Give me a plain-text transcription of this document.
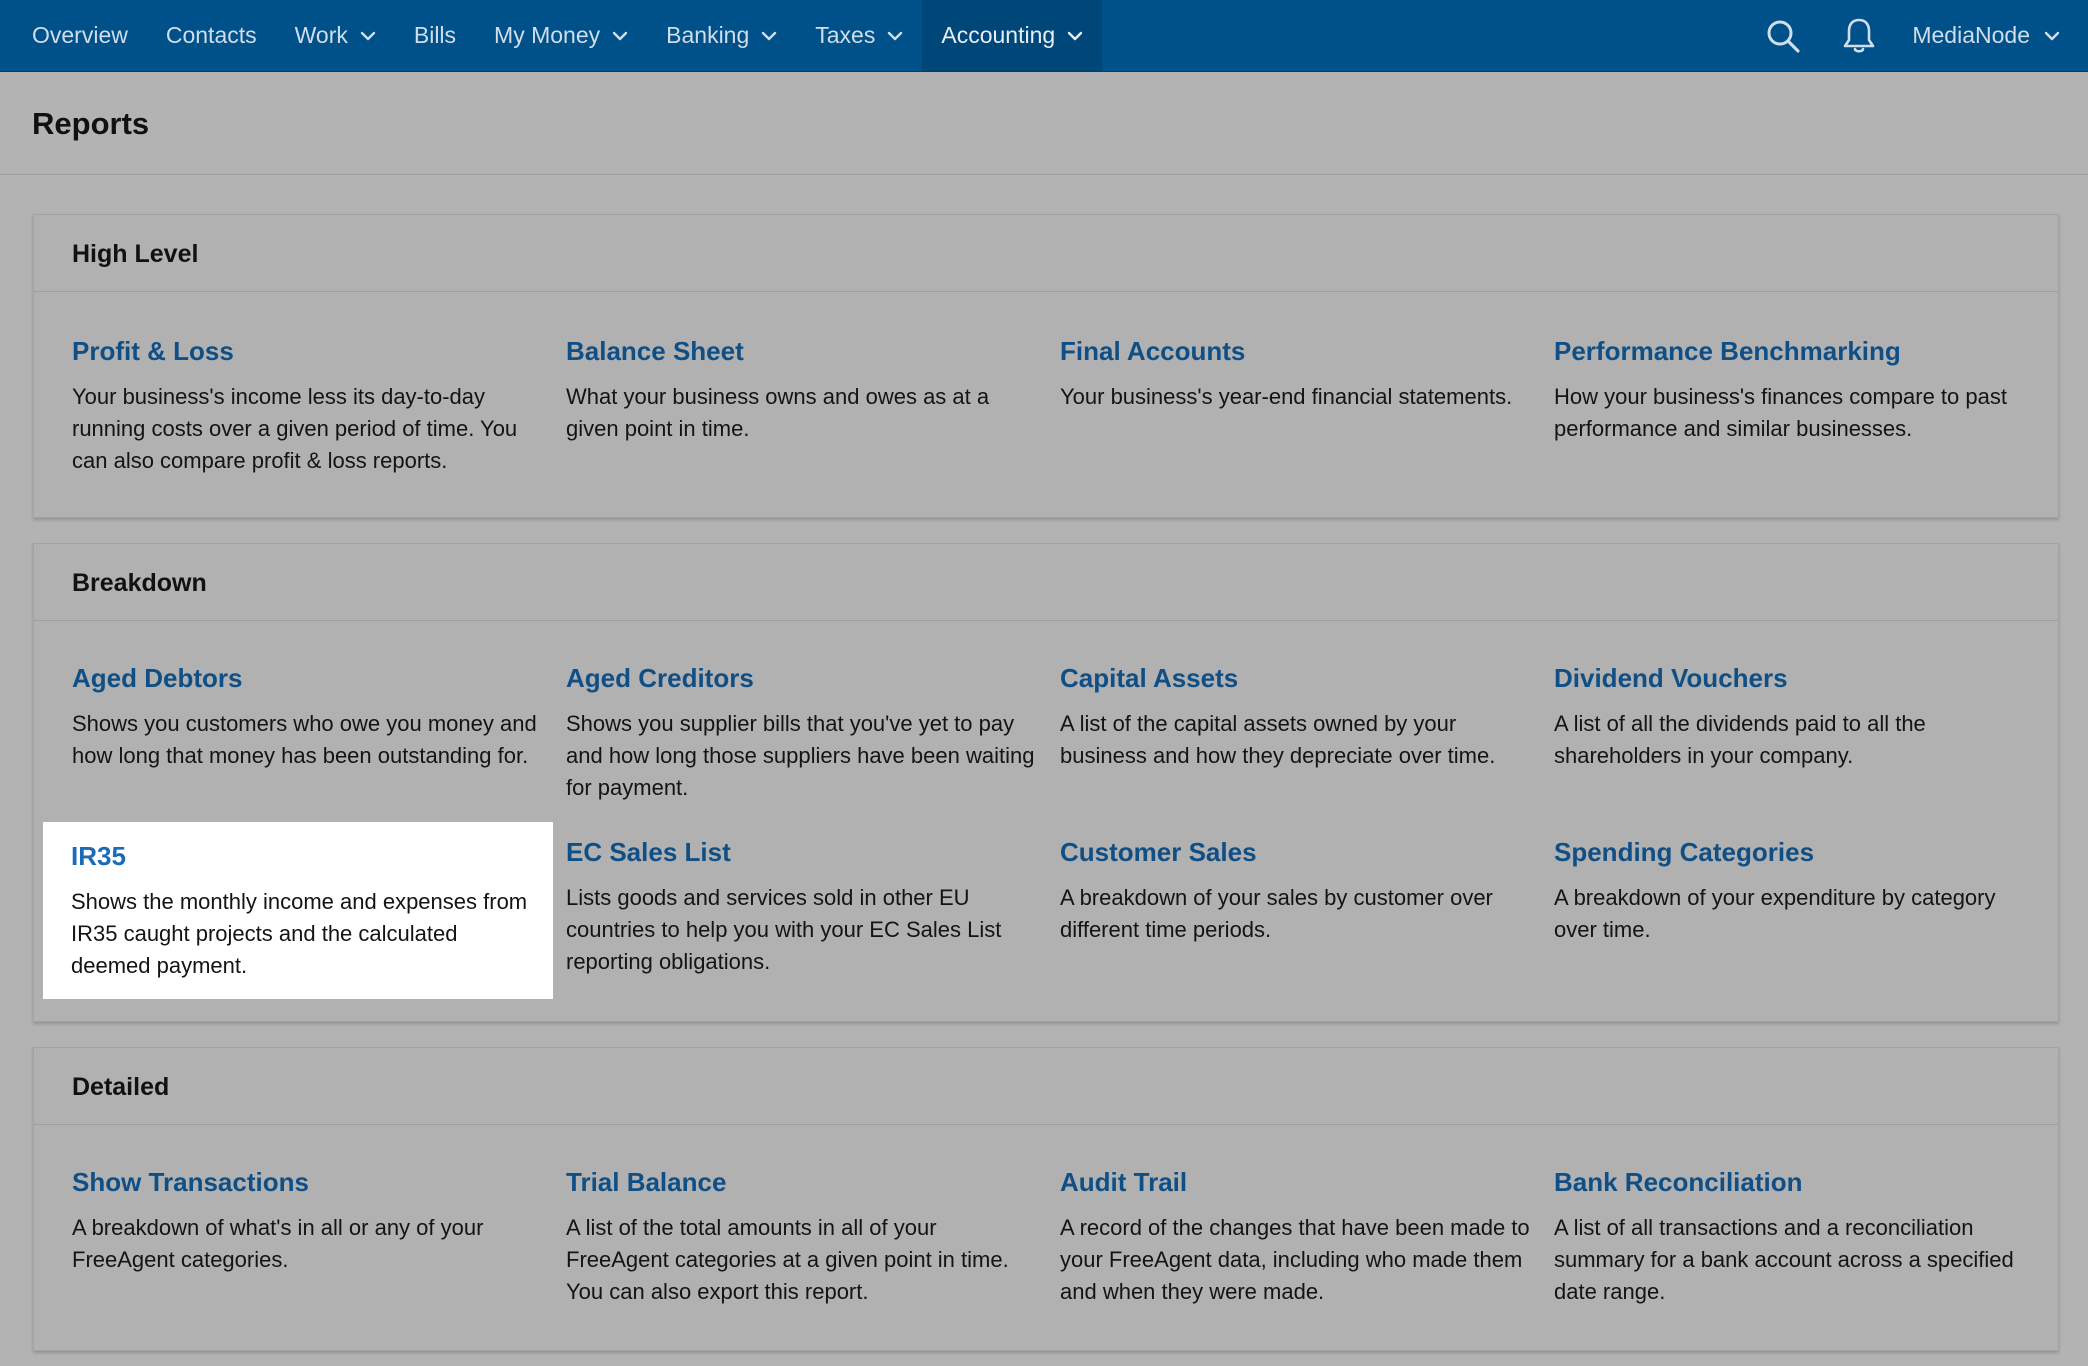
Overview Contacts Work	Bills My Money	Banking	Taxes	Accounting	MediaNode
Reports
High Level
Profit & Loss
Your business's income less its day-to-day running costs over a given period of time. You can also compare profit & loss reports.
Balance Sheet
What your business owns and owes as at a given point in time.
Final Accounts
Your business's year-end financial statements.
Performance Benchmarking
How your business's finances compare to past performance and similar businesses.
Breakdown
Aged Debtors
Shows you customers who owe you money and how long that money has been outstanding for.
Aged Creditors
Shows you supplier bills that you've yet to pay and how long those suppliers have been waiting for payment.
Capital Assets
A list of the capital assets owned by your business and how they depreciate over time.
Dividend Vouchers
A list of all the dividends paid to all the shareholders in your company.
EC Sales List
Lists goods and services sold in other EU countries to help you with your EC Sales List reporting obligations.
Customer Sales
A breakdown of your sales by customer over different time periods.
Spending Categories
A breakdown of your expenditure by category over time.
IR35
Shows the monthly income and expenses from IR35 caught projects and the calculated deemed payment.
Detailed
Show Transactions
A breakdown of what's in all or any of your FreeAgent categories.
Trial Balance
A list of the total amounts in all of your FreeAgent categories at a given point in time. You can also export this report.
Audit Trail
A record of the changes that have been made to your FreeAgent data, including who made them and when they were made.
Bank Reconciliation
A list of all transactions and a reconciliation summary for a bank account across a specified date range.
